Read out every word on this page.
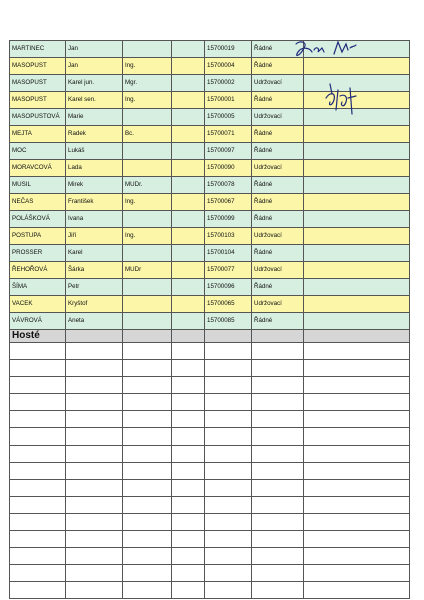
MARTINEC	Jan			15700019	Řádné	
MASOPUST	Jan	Ing.		15700004	Řádné	
MASOPUST	Karel jun.	Mgr.		15700002	Udržovací	
MASOPUST	Karel sen.	Ing.		15700001	Řádné	
MASOPUSTOVÁ	Marie			15700005	Udržovací	
MEJTA	Radek	Bc.		15700071	Řádné	
MOC	Lukáš			15700097	Řádné	
MORAVCOVÁ	Lada			15700090	Udržovací	
MUSIL	Mirek	MUDr.		15700078	Řádné	
NEČAS	František	Ing.		15700067	Řádné	
POLÁŠKOVÁ	Ivana			15700099	Řádné	
POSTUPA	Jiří	Ing.		15700103	Udržovací	
PROSSER	Karel			15700104	Řádné	
ŘEHOŘOVÁ	Šárka	MUDr		15700077	Udržovací	
ŠÍMA	Petr			15700096	Řádné	
VACEK	Kryštof			15700065	Udržovací	
VÁVROVÁ	Aneta			15700085	Řádné	
Hosté						
